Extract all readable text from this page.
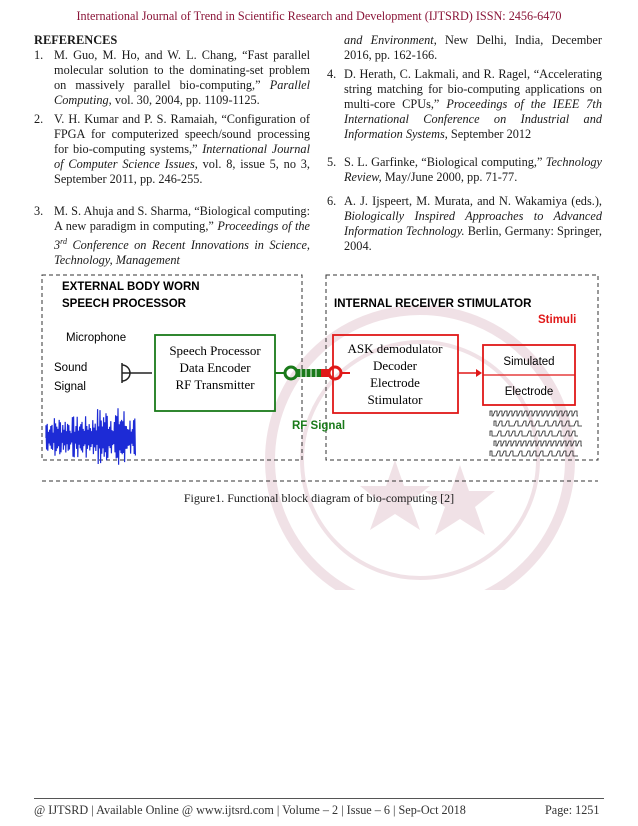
International Journal of Trend in Scientific Research and Development (IJTSRD) ISSN: 2456-6470
REFERENCES
1. M. Guo, M. Ho, and W. L. Chang, “Fast parallel molecular solution to the dominating-set problem on massively parallel bio-computing,” Parallel Computing, vol. 30, 2004, pp. 1109-1125.
2. V. H. Kumar and P. S. Ramaiah, “Configuration of FPGA for computerized speech/sound processing for bio-computing systems,” International Journal of Computer Science Issues, vol. 8, issue 5, no 3, September 2011, pp. 246-255.
3. M. S. Ahuja and S. Sharma, “Biological computing: A new paradigm in computing,” Proceedings of the 3rd Conference on Recent Innovations in Science, Technology, Management
and Environment, New Delhi, India, December 2016, pp. 162-166.
4. D. Herath, C. Lakmali, and R. Ragel, “Accelerating string matching for bio-computing applications on multi-core CPUs,” Proceedings of the IEEE 7th International Conference on Industrial and Information Systems, September 2012
5. S. L. Garfinke, “Biological computing,” Technology Review, May/June 2000, pp. 71-77.
6. A. J. Ijspeert, M. Murata, and N. Wakamiya (eds.), Biologically Inspired Approaches to Advanced Information Technology. Berlin, Germany: Springer, 2004.
EXTERNAL BODY WORN
SPEECH PROCESSOR	INTERNAL RECEIVER STIMULATOR
Microphone
Sound
Signal
Speech Processor
Data Encoder
RF Transmitter
RF Signal
ASK demodulator
Decoder
Electrode
Stimulator
Stimuli
Simulated
Electrode
Figure1. Functional block diagram of bio-computing [2]
@ IJTSRD | Available Online @ www.ijtsrd.com | Volume – 2 | Issue – 6 | Sep-Oct 2018	Page: 1251
